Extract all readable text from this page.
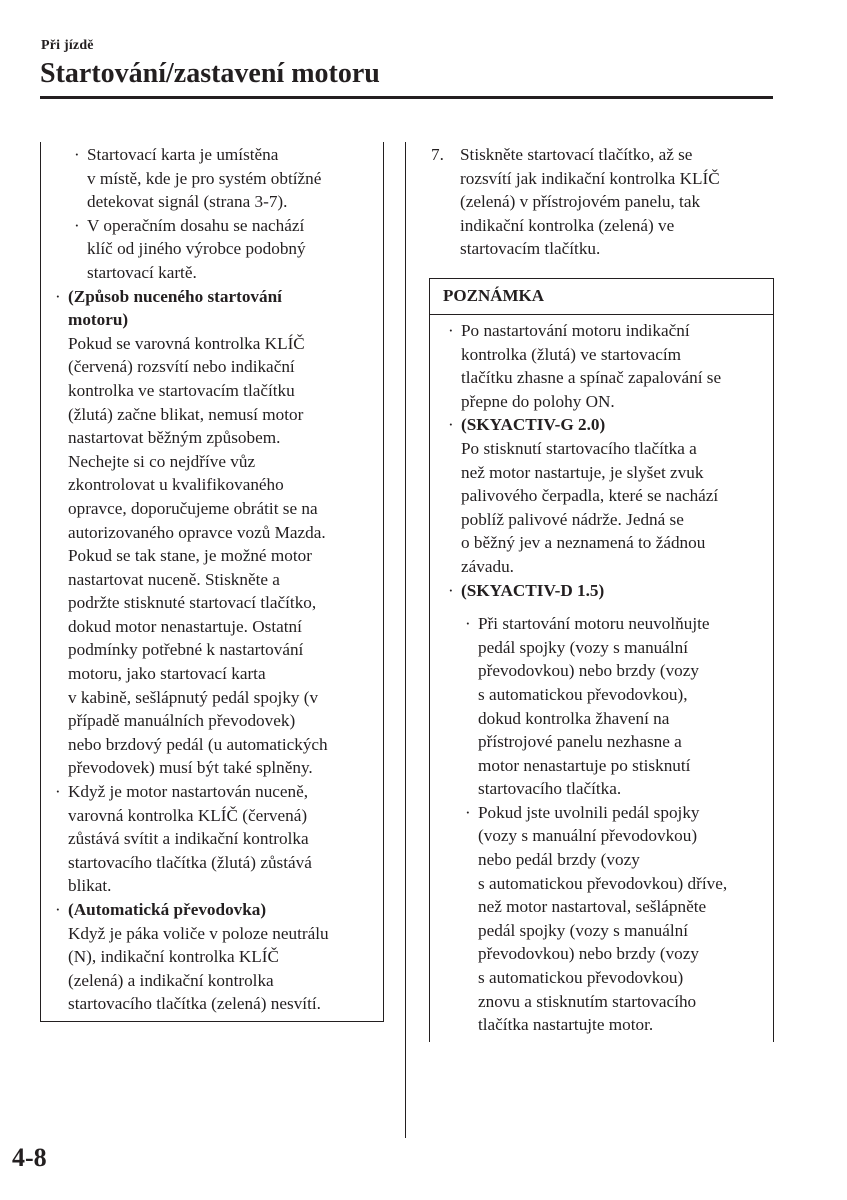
Při jízdě
Startování/zastavení motoru
· Startovací karta je umístěna
v místě, kde je pro systém obtížné
detekovat signál (strana 3-7).
· V operačním dosahu se nachází
klíč od jiného výrobce podobný
startovací kartě.
· (Způsob nuceného startování
motoru)
Pokud se varovná kontrolka KLÍČ
(červená) rozsvítí nebo indikační
kontrolka ve startovacím tlačítku
(žlutá) začne blikat, nemusí motor
nastartovat běžným způsobem.
Nechejte si co nejdříve vůz
zkontrolovat u kvalifikovaného
opravce, doporučujeme obrátit se na
autorizovaného opravce vozů Mazda.
Pokud se tak stane, je možné motor
nastartovat nuceně. Stiskněte a
podržte stisknuté startovací tlačítko,
dokud motor nenastartuje. Ostatní
podmínky potřebné k nastartování
motoru, jako startovací karta
v kabině, sešlápnutý pedál spojky (v
případě manuálních převodovek)
nebo brzdový pedál (u automatických
převodovek) musí být také splněny.
· Když je motor nastartován nuceně,
varovná kontrolka KLÍČ (červená)
zůstává svítit a indikační kontrolka
startovacího tlačítka (žlutá) zůstává
blikat.
· (Automatická převodovka)
Když je páka voliče v poloze neutrálu
(N), indikační kontrolka KLÍČ
(zelená) a indikační kontrolka
startovacího tlačítka (zelená) nesvítí.
7. Stiskněte startovací tlačítko, až se
rozsvítí jak indikační kontrolka KLÍČ
(zelená) v přístrojovém panelu, tak
indikační kontrolka (zelená) ve
startovacím tlačítku.
POZNÁMKA
· Po nastartování motoru indikační
kontrolka (žlutá) ve startovacím
tlačítku zhasne a spínač zapalování se
přepne do polohy ON.
· (SKYACTIV-G 2.0)
Po stisknutí startovacího tlačítka a
než motor nastartuje, je slyšet zvuk
palivového čerpadla, které se nachází
poblíž palivové nádrže. Jedná se
o běžný jev a neznamená to žádnou
závadu.
· (SKYACTIV-D 1.5)
· Při startování motoru neuvolňujte
pedál spojky (vozy s manuální
převodovkou) nebo brzdy (vozy
s automatickou převodovkou),
dokud kontrolka žhavení na
přístrojové panelu nezhasne a
motor nenastartuje po stisknutí
startovacího tlačítka.
· Pokud jste uvolnili pedál spojky
(vozy s manuální převodovkou)
nebo pedál brzdy (vozy
s automatickou převodovkou) dříve,
než motor nastartoval, sešlápněte
pedál spojky (vozy s manuální
převodovkou) nebo brzdy (vozy
s automatickou převodovkou)
znovu a stisknutím startovacího
tlačítka nastartujte motor.
4-8
